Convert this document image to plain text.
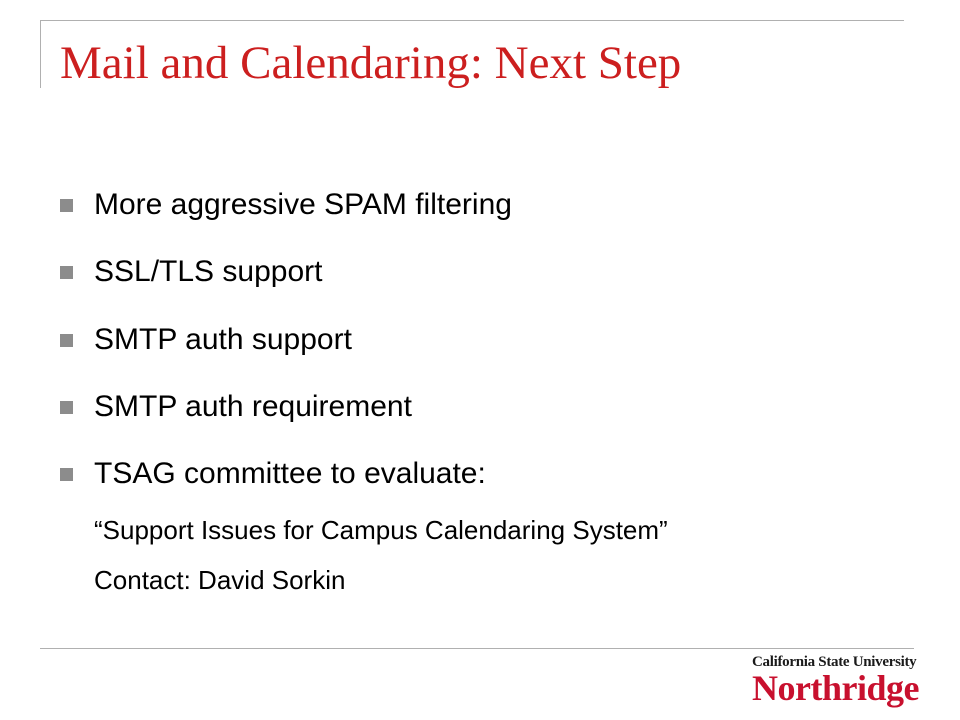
Mail and Calendaring: Next Step
More aggressive SPAM filtering
SSL/TLS support
SMTP auth support
SMTP auth requirement
TSAG committee to evaluate:
“Support Issues for Campus Calendaring System”
Contact: David Sorkin
California State University
Northridge
